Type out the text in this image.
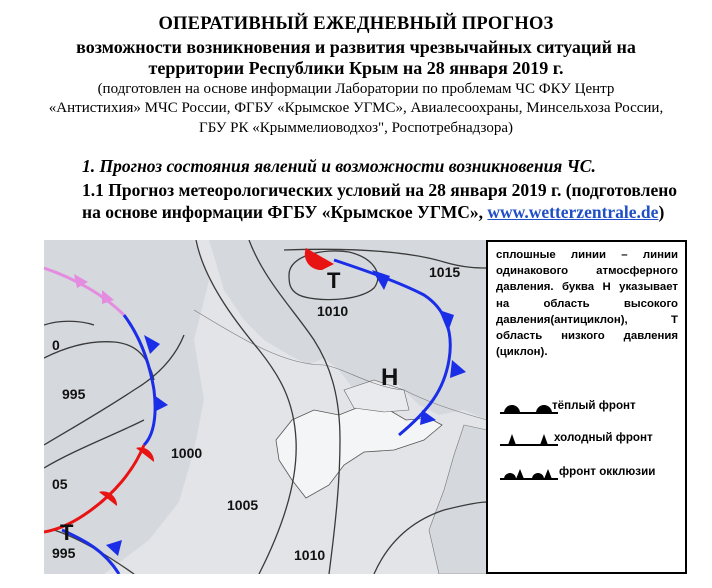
ОПЕРАТИВНЫЙ ЕЖЕДНЕВНЫЙ ПРОГНОЗ
возможности возникновения и развития чрезвычайных ситуаций на
территории Республики Крым на 28 января 2019 г.
(подготовлен на основе информации Лаборатории по проблемам ЧС ФКУ Центр
«Антистихия» МЧС России, ФГБУ «Крымское УГМС», Авиалесоохраны, Минсельхоза России,
ГБУ РК «Крыммелиоводхоз", Роспотребнадзора)
1. Прогноз состояния явлений и возможности возникновения ЧС.
1.1 Прогноз метеорологических условий на 28 января 2019 г. (подготовлено
на основе информации ФГБУ «Крымское УГМС», www.wetterzentrale.de)
Т
Н
Т
1015
1010
0
995
1000
05
1005
995	1010

сплошные линии – линии одинакового атмосферного давления. буква Н указывает на область высокого давления(антициклон), Т область низкого давления (циклон).

тёплый фронт
холодный фронт
фронт окклюзии
